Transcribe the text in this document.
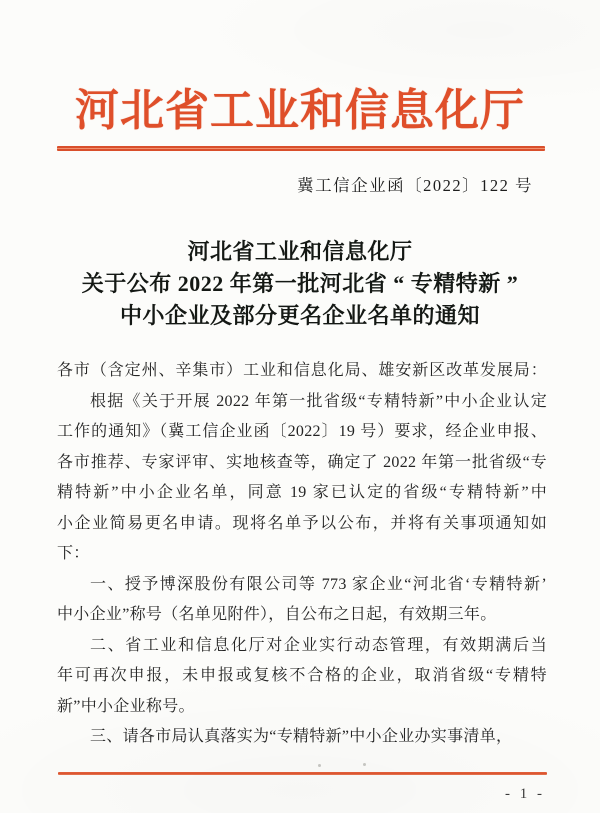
河北省工业和信息化厅
冀工信企业函〔2022〕122 号
河北省工业和信息化厅
关于公布 2022 年第一批河北省 “ 专精特新 ”
中小企业及部分更名企业名单的通知
各市（含定州、辛集市）工业和信息化局、雄安新区改革发展局：
根据《关于开展 2022 年第一批省级“专精特新”中小企业认定
工作的通知》（冀工信企业函〔2022〕19 号）要求，经企业申报、
各市推荐、专家评审、实地核查等，确定了 2022 年第一批省级“专
精特新”中小企业名单，同意 19 家已认定的省级“专精特新”中
小企业简易更名申请。现将名单予以公布，并将有关事项通知如
下：
一、授予博深股份有限公司等 773 家企业“河北省‘专精特新’
中小企业”称号（名单见附件），自公布之日起，有效期三年。
二、省工业和信息化厅对企业实行动态管理，有效期满后当
年可再次申报，未申报或复核不合格的企业，取消省级“专精特
新”中小企业称号。
三、请各市局认真落实为“专精特新”中小企业办实事清单，
- 1 -
